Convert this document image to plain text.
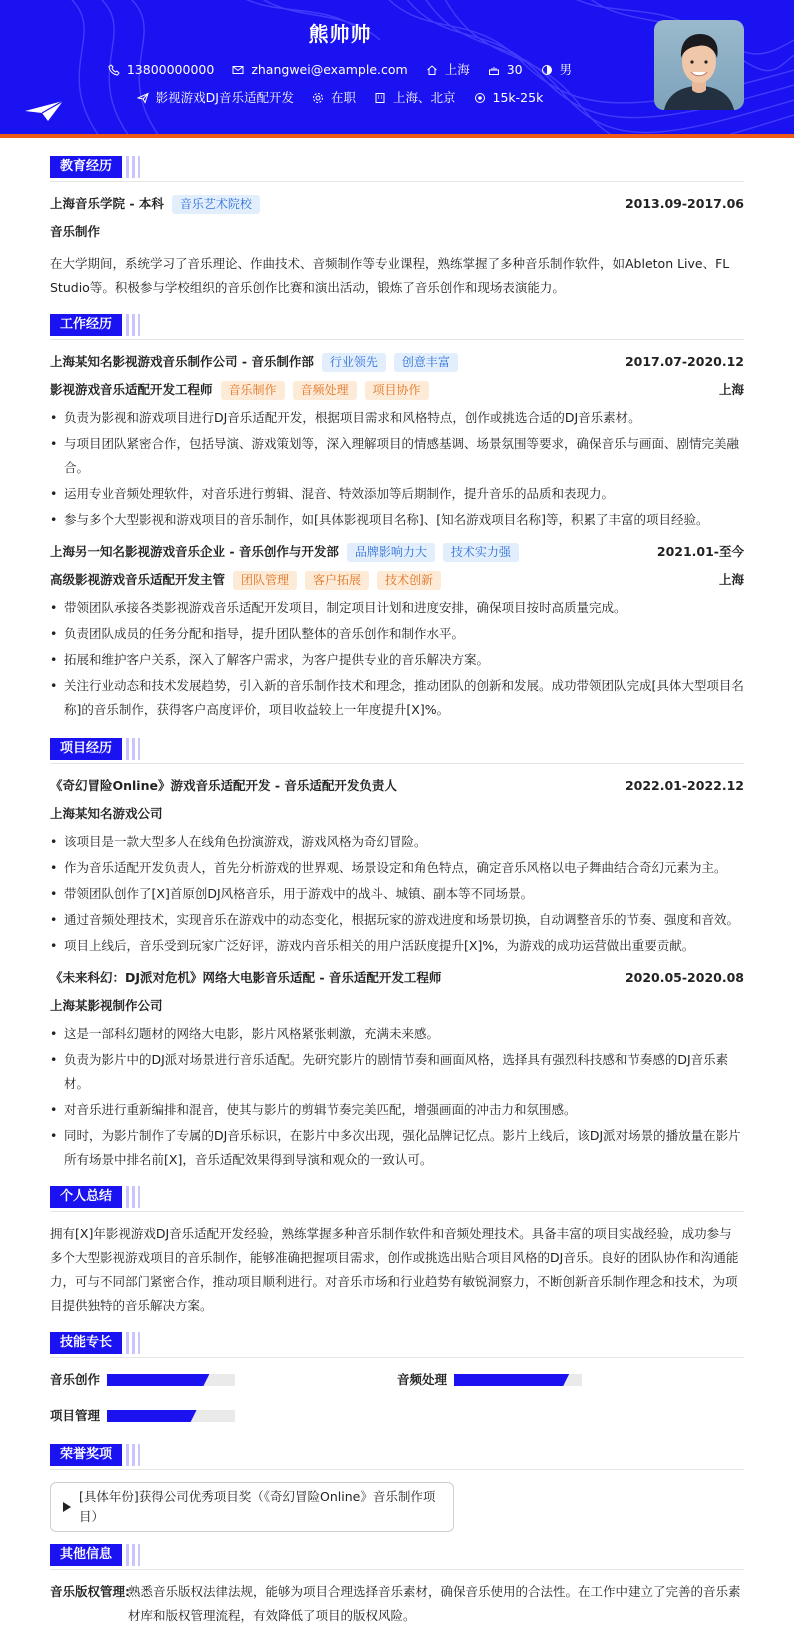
熊帅帅
13800000000	zhangwei@example.com	上海	30	男
影视游戏DJ音乐适配开发	在职	上海、北京	15k-25k
教育经历
上海音乐学院 - 本科	音乐艺术院校	2013.09-2017.06
音乐制作
在大学期间，系统学习了音乐理论、作曲技术、音频制作等专业课程，熟练掌握了多种音乐制作软件，如Ableton Live、FL Studio等。积极参与学校组织的音乐创作比赛和演出活动，锻炼了音乐创作和现场表演能力。
工作经历
上海某知名影视游戏音乐制作公司 - 音乐制作部	行业领先	创意丰富	2017.07-2020.12
影视游戏音乐适配开发工程师	音乐制作	音频处理	项目协作	上海
• 负责为影视和游戏项目进行DJ音乐适配开发，根据项目需求和风格特点，创作或挑选合适的DJ音乐素材。
• 与项目团队紧密合作，包括导演、游戏策划等，深入理解项目的情感基调、场景氛围等要求，确保音乐与画面、剧情完美融合。
• 运用专业音频处理软件，对音乐进行剪辑、混音、特效添加等后期制作，提升音乐的品质和表现力。
• 参与多个大型影视和游戏项目的音乐制作，如[具体影视项目名称]、[知名游戏项目名称]等，积累了丰富的项目经验。
上海另一知名影视游戏音乐企业 - 音乐创作与开发部	品牌影响力大	技术实力强	2021.01-至今
高级影视游戏音乐适配开发主管	团队管理	客户拓展	技术创新	上海
• 带领团队承接各类影视游戏音乐适配开发项目，制定项目计划和进度安排，确保项目按时高质量完成。
• 负责团队成员的任务分配和指导，提升团队整体的音乐创作和制作水平。
• 拓展和维护客户关系，深入了解客户需求，为客户提供专业的音乐解决方案。
• 关注行业动态和技术发展趋势，引入新的音乐制作技术和理念，推动团队的创新和发展。成功带领团队完成[具体大型项目名称]的音乐制作，获得客户高度评价，项目收益较上一年度提升[X]%。
项目经历
《奇幻冒险Online》游戏音乐适配开发 - 音乐适配开发负责人	2022.01-2022.12
上海某知名游戏公司
• 该项目是一款大型多人在线角色扮演游戏，游戏风格为奇幻冒险。
• 作为音乐适配开发负责人，首先分析游戏的世界观、场景设定和角色特点，确定音乐风格以电子舞曲结合奇幻元素为主。
• 带领团队创作了[X]首原创DJ风格音乐，用于游戏中的战斗、城镇、副本等不同场景。
• 通过音频处理技术，实现音乐在游戏中的动态变化，根据玩家的游戏进度和场景切换，自动调整音乐的节奏、强度和音效。
• 项目上线后，音乐受到玩家广泛好评，游戏内音乐相关的用户活跃度提升[X]%，为游戏的成功运营做出重要贡献。
《未来科幻：DJ派对危机》网络大电影音乐适配 - 音乐适配开发工程师	2020.05-2020.08
上海某影视制作公司
• 这是一部科幻题材的网络大电影，影片风格紧张刺激，充满未来感。
• 负责为影片中的DJ派对场景进行音乐适配。先研究影片的剧情节奏和画面风格，选择具有强烈科技感和节奏感的DJ音乐素材。
• 对音乐进行重新编排和混音，使其与影片的剪辑节奏完美匹配，增强画面的冲击力和氛围感。
• 同时，为影片制作了专属的DJ音乐标识，在影片中多次出现，强化品牌记忆点。影片上线后，该DJ派对场景的播放量在影片所有场景中排名前[X]，音乐适配效果得到导演和观众的一致认可。
个人总结
拥有[X]年影视游戏DJ音乐适配开发经验，熟练掌握多种音乐制作软件和音频处理技术。具备丰富的项目实战经验，成功参与多个大型影视游戏项目的音乐制作，能够准确把握项目需求，创作或挑选出贴合项目风格的DJ音乐。良好的团队协作和沟通能力，可与不同部门紧密合作，推动项目顺利进行。对音乐市场和行业趋势有敏锐洞察力，不断创新音乐制作理念和技术，为项目提供独特的音乐解决方案。
技能专长
音乐创作	音频处理
项目管理
荣誉奖项
[具体年份]获得公司优秀项目奖（《奇幻冒险Online》音乐制作项目）
其他信息
音乐版权管理:
熟悉音乐版权法律法规，能够为项目合理选择音乐素材，确保音乐使用的合法性。在工作中建立了完善的音乐素材库和版权管理流程，有效降低了项目的版权风险。
